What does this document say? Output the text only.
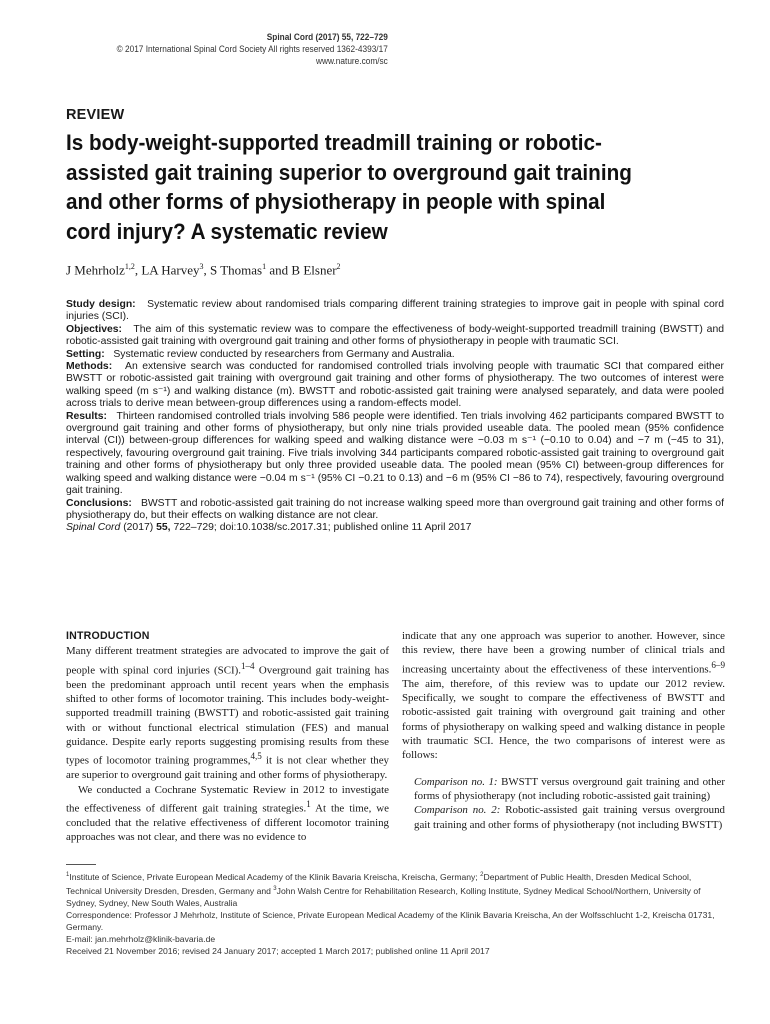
Spinal Cord (2017) 55, 722–729
© 2017 International Spinal Cord Society All rights reserved 1362-4393/17
www.nature.com/sc
REVIEW
Is body-weight-supported treadmill training or robotic-assisted gait training superior to overground gait training and other forms of physiotherapy in people with spinal cord injury? A systematic review
J Mehrholz$^{1,2}$, LA Harvey$^3$, S Thomas$^1$ and B Elsner$^2$

Study design: Systematic review about randomised trials comparing different training strategies to improve gait in people with spinal cord injuries (SCI).

Objectives: The aim of this systematic review was to compare the effectiveness of body-weight-supported treadmill training (BWSTT) and robotic-assisted gait training with overground gait training and other forms of physiotherapy in people with traumatic SCI.

Setting: Systematic review conducted by researchers from Germany and Australia.

Methods: An extensive search was conducted for randomised controlled trials involving people with traumatic SCI that compared either BWSTT or robotic-assisted gait training with overground gait training and other forms of physiotherapy. The two outcomes of interest were walking speed (m s⁻¹) and walking distance (m). BWSTT and robotic-assisted gait training were analysed separately, and data were pooled across trials to derive mean between-group differences using a random-effects model.

Results: Thirteen randomised controlled trials involving 586 people were identified. Ten trials involving 462 participants compared BWSTT to overground gait training and other forms of physiotherapy, but only nine trials provided useable data. The pooled mean (95% confidence interval (CI)) between-group differences for walking speed and walking distance were −0.03 m s⁻¹ (−0.10 to 0.04) and −7 m (−45 to 31), respectively, favouring overground gait training. Five trials involving 344 participants compared robotic-assisted gait training to overground gait training and other forms of physiotherapy but only three provided useable data. The pooled mean (95% CI) between-group differences for walking speed and walking distance were −0.04 m s⁻¹ (95% CI −0.21 to 0.13) and −6 m (95% CI −86 to 74), respectively, favouring overground gait training.

Conclusions: BWSTT and robotic-assisted gait training do not increase walking speed more than overground gait training and other forms of physiotherapy do, but their effects on walking distance are not clear.

Spinal Cord (2017) 55, 722–729; doi:10.1038/sc.2017.31; published online 11 April 2017

INTRODUCTION

Many different treatment strategies are advocated to improve the gait of people with spinal cord injuries (SCI).$^{1-4}$ Overground gait training has been the predominant approach until recent years when the emphasis shifted to other forms of locomotor training. This includes body-weight-supported treadmill training (BWSTT) and robotic-assisted gait training with or without functional electrical stimulation (FES) and manual guidance. Despite early reports suggesting promising results from these types of locomotor training programmes,$^{4,5}$ it is not clear whether they are superior to overground gait training and other forms of physiotherapy.

We conducted a Cochrane Systematic Review in 2012 to investigate the effectiveness of different gait training strategies.$^1$ At the time, we concluded that the relative effectiveness of different locomotor training approaches was not clear, and there was no evidence to

indicate that any one approach was superior to another. However, since this review, there have been a growing number of clinical trials and increasing uncertainty about the effectiveness of these interventions.$^{6-9}$ The aim, therefore, of this review was to update our 2012 review. Specifically, we sought to compare the effectiveness of BWSTT and robotic-assisted gait training with overground gait training and other forms of physiotherapy on walking speed and walking distance in people with traumatic SCI. Hence, the two comparisons of interest were as follows:

Comparison no. 1: BWSTT versus overground gait training and other forms of physiotherapy (not including robotic-assisted gait training)

Comparison no. 2: Robotic-assisted gait training versus overground gait training and other forms of physiotherapy (not including BWSTT)

$^1$Institute of Science, Private European Medical Academy of the Klinik Bavaria Kreischa, Kreischa, Germany; $^2$Department of Public Health, Dresden Medical School, Technical University Dresden, Dresden, Germany and $^3$John Walsh Centre for Rehabilitation Research, Kolling Institute, Sydney Medical School/Northern, University of Sydney, Sydney, New South Wales, Australia

Correspondence: Professor J Mehrholz, Institute of Science, Private European Medical Academy of the Klinik Bavaria Kreischa, An der Wolfsschlucht 1-2, Kreischa 01731, Germany.

E-mail: jan.mehrholz@klinik-bavaria.de

Received 21 November 2016; revised 24 January 2017; accepted 1 March 2017; published online 11 April 2017
